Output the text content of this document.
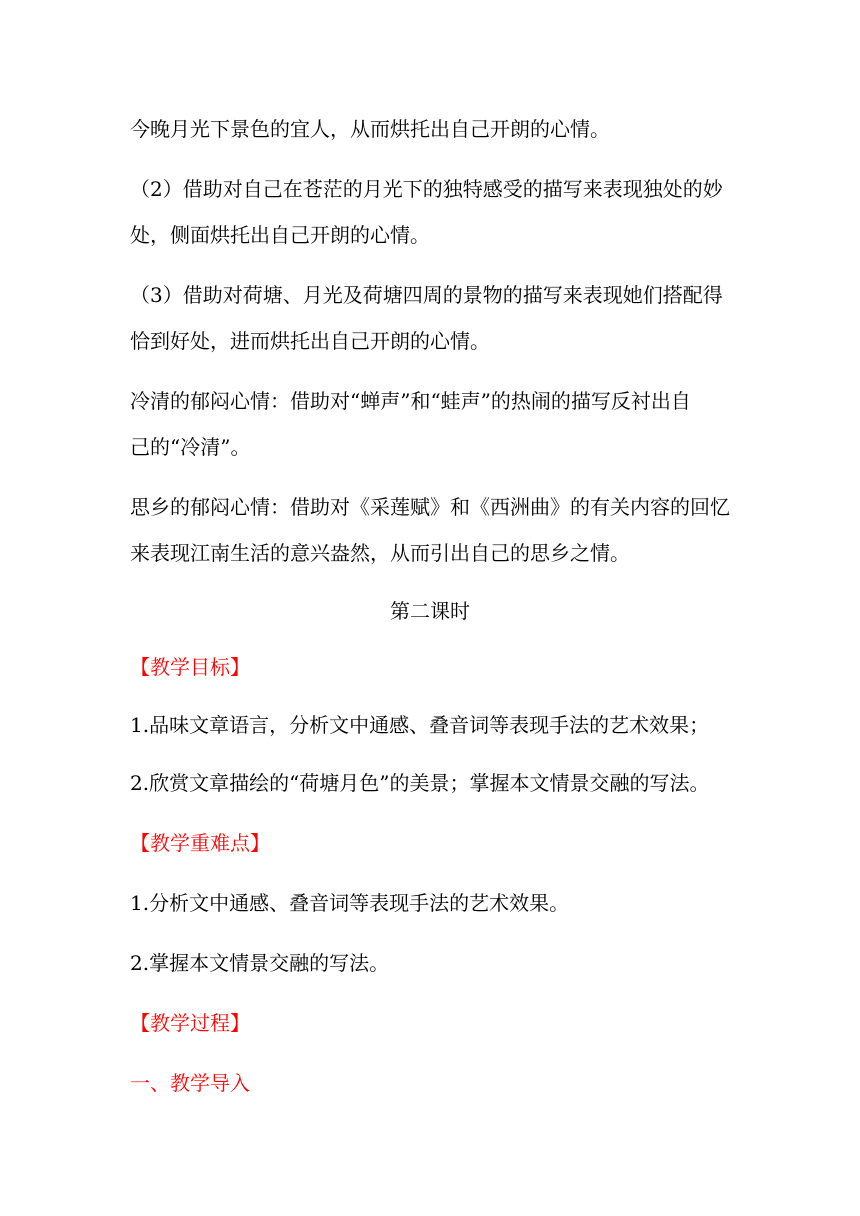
今晚月光下景色的宜人，从而烘托出自己开朗的心情。
（2）借助对自己在苍茫的月光下的独特感受的描写来表现独处的妙
处，侧面烘托出自己开朗的心情。
（3）借助对荷塘、月光及荷塘四周的景物的描写来表现她们搭配得
恰到好处，进而烘托出自己开朗的心情。
冷清的郁闷心情：借助对“蝉声”和“蛙声”的热闹的描写反衬出自
己的“冷清”。
思乡的郁闷心情：借助对《采莲赋》和《西洲曲》的有关内容的回忆
来表现江南生活的意兴盎然，从而引出自己的思乡之情。
第二课时
【教学目标】
1.品味文章语言，分析文中通感、叠音词等表现手法的艺术效果；
2.欣赏文章描绘的“荷塘月色”的美景；掌握本文情景交融的写法。
【教学重难点】
1.分析文中通感、叠音词等表现手法的艺术效果。
2.掌握本文情景交融的写法。
【教学过程】
一、教学导入
